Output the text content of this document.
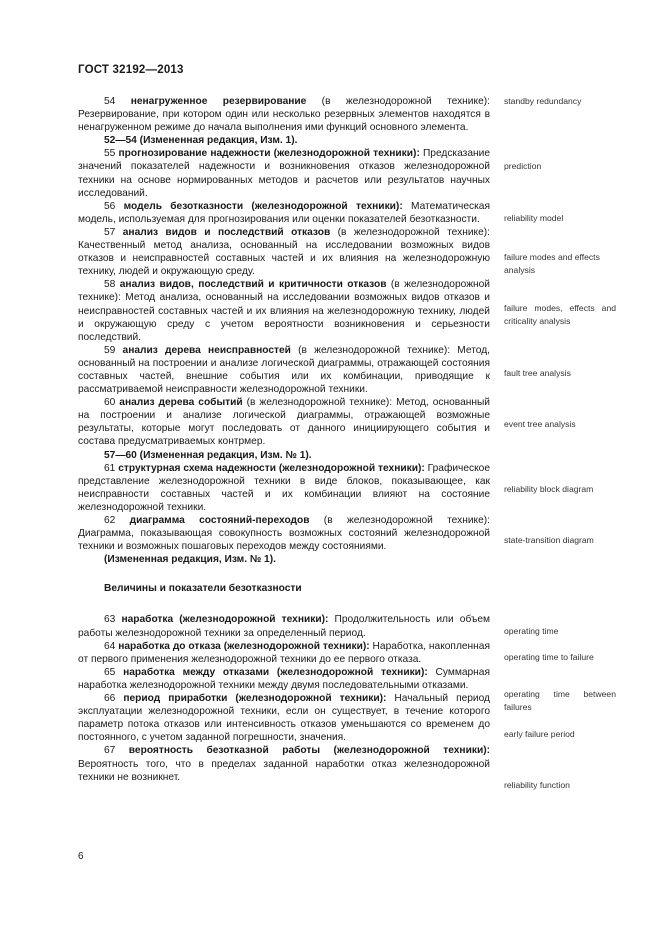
ГОСТ 32192—2013

54 ненагруженное резервирование (в железнодорожной технике): Резервирование, при котором один или несколько резервных элементов находятся в ненагруженном режиме до начала выполнения ими функций основного элемента.

52—54 (Измененная редакция, Изм. 1).

55 прогнозирование надежности (железнодорожной техники): Предсказание значений показателей надежности и возникновения отказов железнодорожной техники на основе нормированных методов и расчетов или результатов научных исследований.

56 модель безотказности (железнодорожной техники): Математическая модель, используемая для прогнозирования или оценки показателей безотказности.

57 анализ видов и последствий отказов (в железнодорожной технике): Качественный метод анализа, основанный на исследовании возможных видов отказов и неисправностей составных частей и их влияния на железнодорожную технику, людей и окружающую среду.

58 анализ видов, последствий и критичности отказов (в железнодорожной технике): Метод анализа, основанный на исследовании возможных видов отказов и неисправностей составных частей и их влияния на железнодорожную технику, людей и окружающую среду с учетом вероятности возникновения и серьезности последствий.

59 анализ дерева неисправностей (в железнодорожной технике): Метод, основанный на построении и анализе логической диаграммы, отражающей состояния составных частей, внешние события или их комбинации, приводящие к рассматриваемой неисправности железнодорожной техники.

60 анализ дерева событий (в железнодорожной технике): Метод, основанный на построении и анализе логической диаграммы, отражающей возможные результаты, которые могут последовать от данного инициирующего события и состава предусматриваемых контрмер.

57—60 (Измененная редакция, Изм. № 1).

61 структурная схема надежности (железнодорожной техники): Графическое представление железнодорожной техники в виде блоков, показывающее, как неисправности составных частей и их комбинации влияют на состояние железнодорожной техники.

62 диаграмма состояний-переходов (в железнодорожной технике): Диаграмма, показывающая совокупность возможных состояний железнодорожной техники и возможных пошаговых переходов между состояниями.

(Измененная редакция, Изм. № 1).

Величины и показатели безотказности

63 наработка (железнодорожной техники): Продолжительность или объем работы железнодорожной техники за определенный период.

64 наработка до отказа (железнодорожной техники): Наработка, накопленная от первого применения железнодорожной техники до ее первого отказа.

65 наработка между отказами (железнодорожной техники): Суммарная наработка железнодорожной техники между двумя последовательными отказами.

66 период приработки (железнодорожной техники): Начальный период эксплуатации железнодорожной техники, если он существует, в течение которого параметр потока отказов или интенсивность отказов уменьшаются со временем до постоянного, с учетом заданной погрешности, значения.

67 вероятность безотказной работы (железнодорожной техники): Вероятность того, что в пределах заданной наработки отказ железнодорожной техники не возникнет.

standby redundancy
prediction
reliability model
failure modes and effects analysis
failure modes, effects and criticality analysis
fault tree analysis
event tree analysis
reliability block diagram
state-transition diagram
operating time
operating time to failure
operating time between failures
early failure period
reliability function
6
